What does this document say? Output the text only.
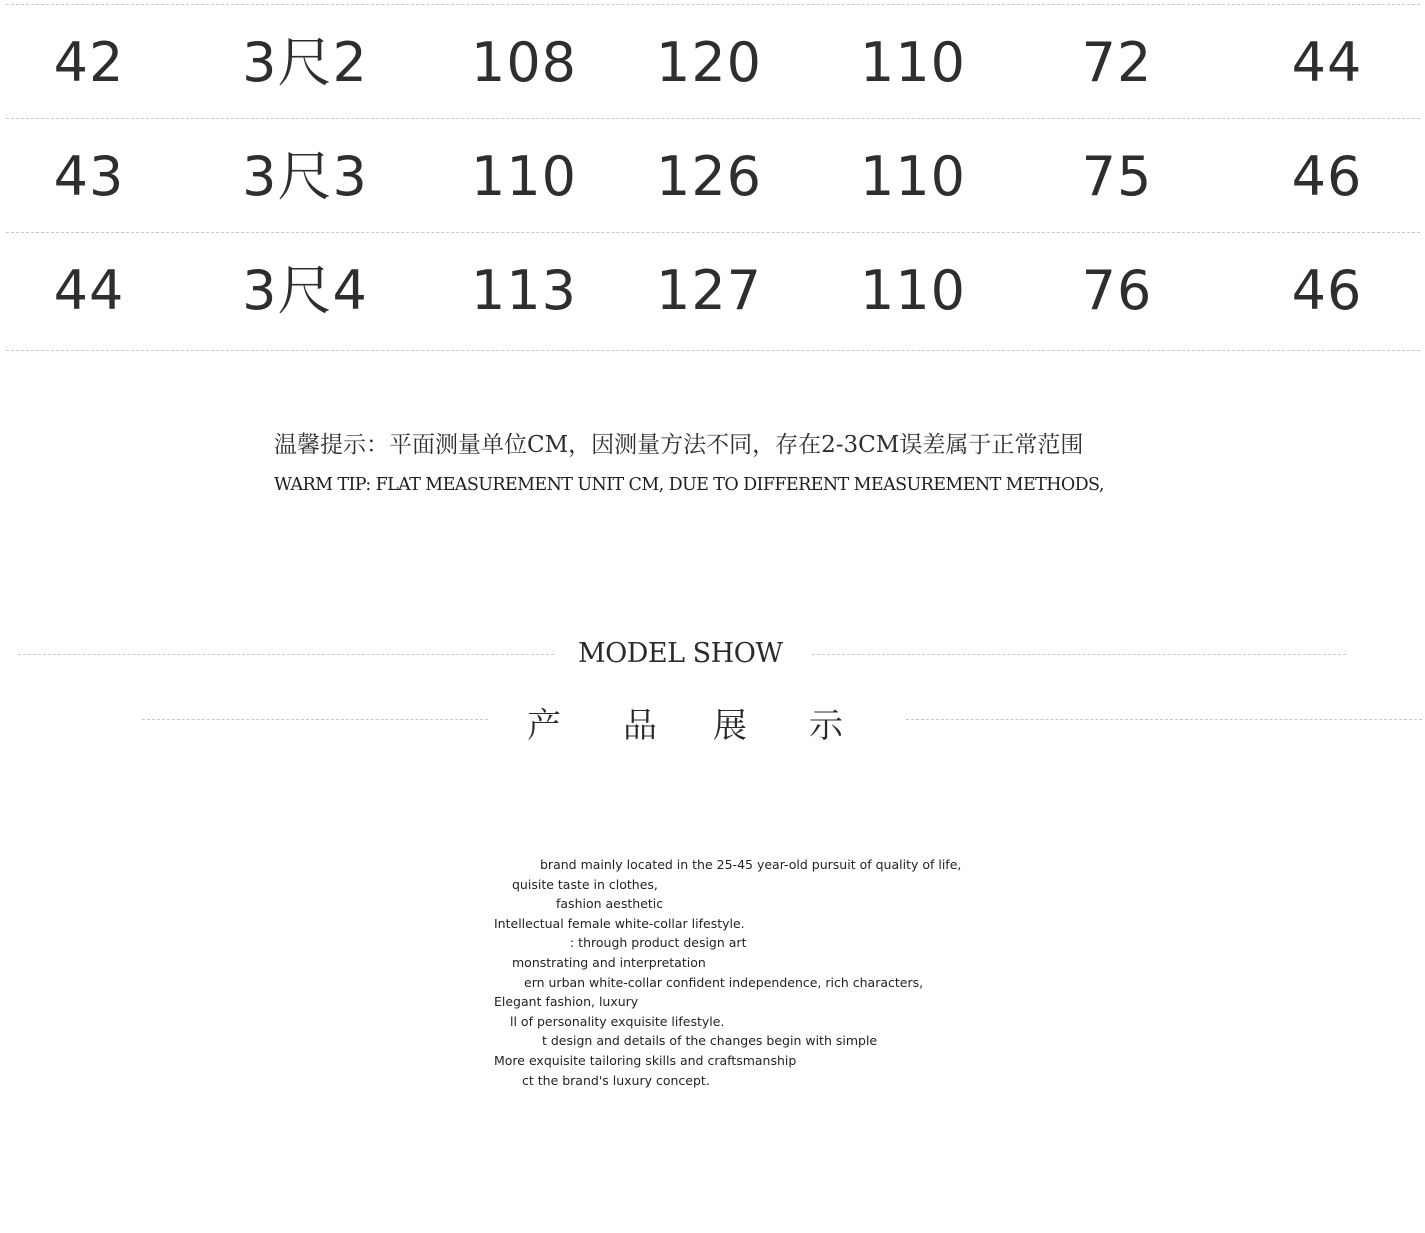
42 3尺2 108 120 110 72	44
43 3尺3 110 126 110 75	46
44 3尺4 113 127 110 76	46
温馨提示：平面测量单位CM，因测量方法不同，存在2-3CM误差属于正常范围
WARM TIP: FLAT MEASUREMENT UNIT CM, DUE TO DIFFERENT MEASUREMENT METHODS,
MODEL SHOW
产 品 展 示
brand mainly located in the 25-45 year-old pursuit of quality of life,
quisite taste in clothes,
fashion aesthetic
Intellectual female white-collar lifestyle.
: through product design art
monstrating and interpretation
ern urban white-collar confident independence, rich characters,
Elegant fashion, luxury
ll of personality exquisite lifestyle.
t design and details of the changes begin with simple
More exquisite tailoring skills and craftsmanship
ct the brand's luxury concept.
